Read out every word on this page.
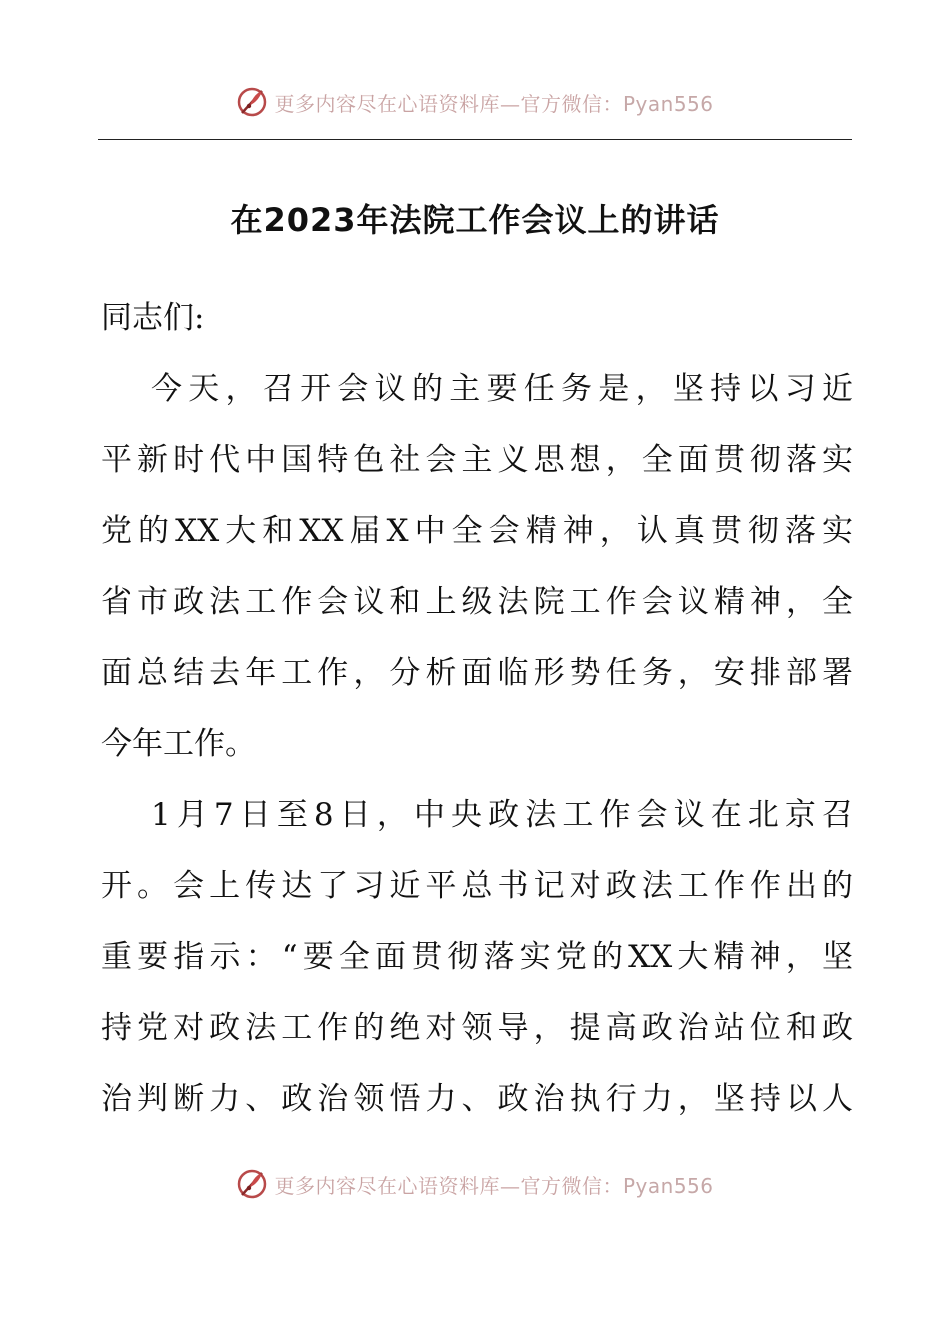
更多内容尽在心语资料库—官方微信：Pyan556
在2023年法院工作会议上的讲话

同志们:

今天，召开会议的主要任务是，坚持以习近
平新时代中国特色社会主义思想，全面贯彻落实
党的XX大和XX届X中全会精神，认真贯彻落实
省市政法工作会议和上级法院工作会议精神，全
面总结去年工作，分析面临形势任务，安排部署
今年工作。
1月7日至8日，中央政法工作会议在北京召
开。会上传达了习近平总书记对政法工作作出的
重要指示：“要全面贯彻落实党的XX大精神，坚
持党对政法工作的绝对领导，提高政治站位和政
治判断力、政治领悟力、政治执行力，坚持以人
更多内容尽在心语资料库—官方微信：Pyan556
